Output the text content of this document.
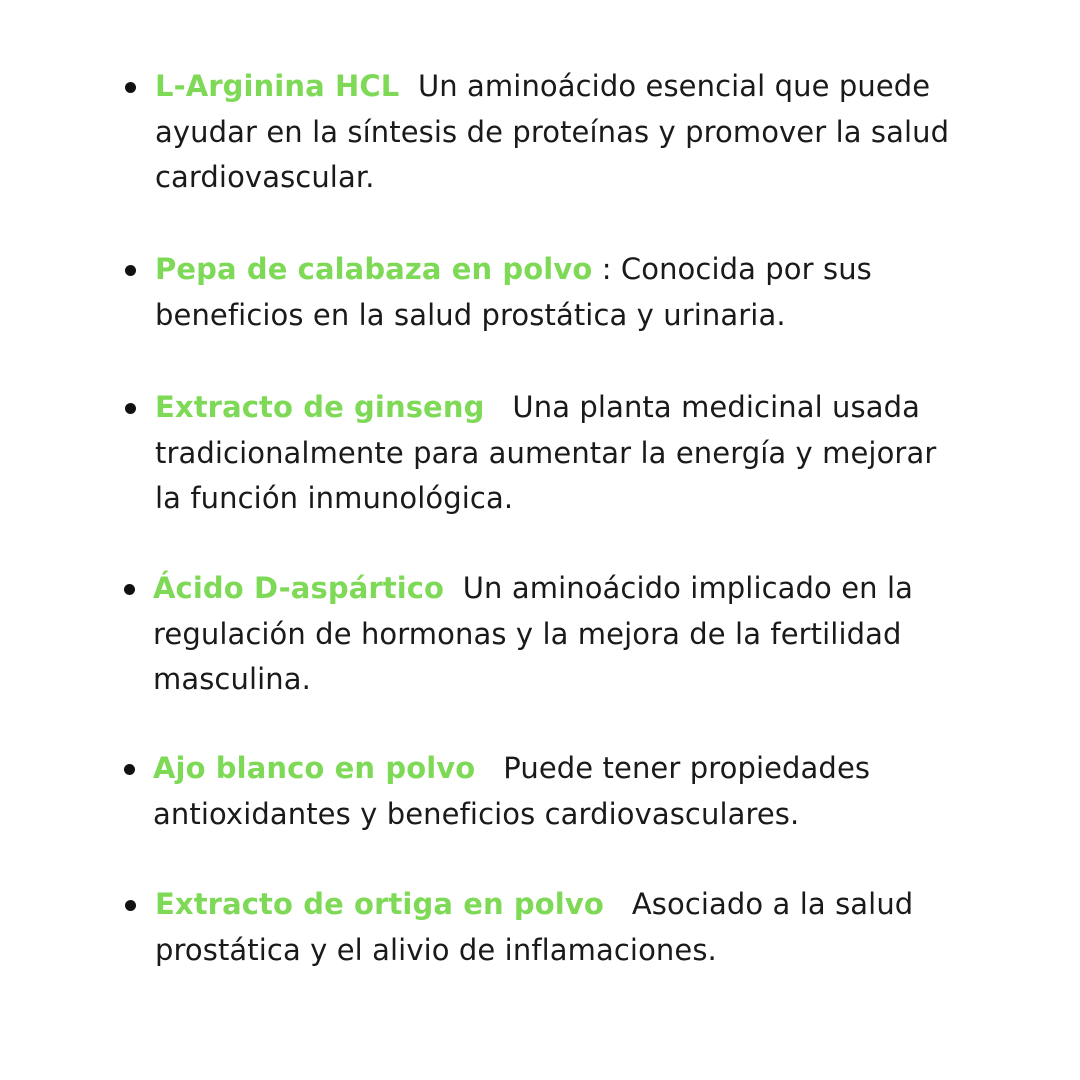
L-Arginina HCL Un aminoácido esencial que puede ayudar en la síntesis de proteínas y promover la salud cardiovascular.
Pepa de calabaza en polvo : Conocida por sus beneficios en la salud prostática y urinaria.
Extracto de ginseng Una planta medicinal usada tradicionalmente para aumentar la energía y mejorar la función inmunológica.
Ácido D-aspártico Un aminoácido implicado en la regulación de hormonas y la mejora de la fertilidad masculina.
Ajo blanco en polvo Puede tener propiedades antioxidantes y beneficios cardiovasculares.
Extracto de ortiga en polvo Asociado a la salud prostática y el alivio de inflamaciones.
